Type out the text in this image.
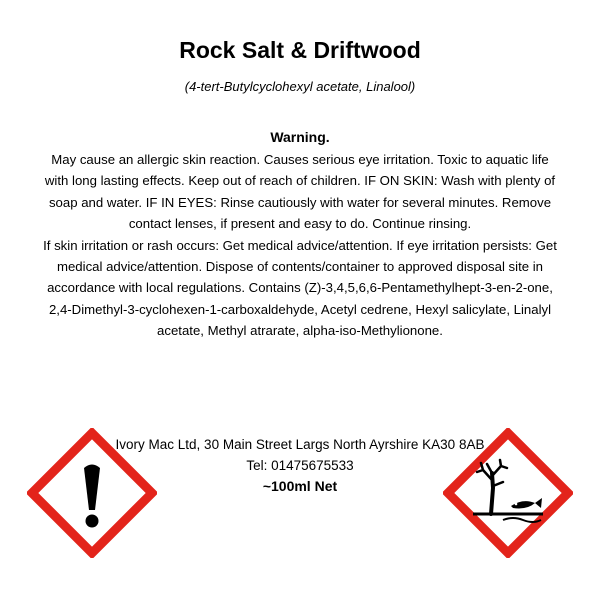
Rock Salt & Driftwood
(4-tert-Butylcyclohexyl acetate, Linalool)
Warning.

May cause an allergic skin reaction. Causes serious eye irritation. Toxic to aquatic life with long lasting effects. Keep out of reach of children. IF ON SKIN: Wash with plenty of soap and water. IF IN EYES: Rinse cautiously with water for several minutes. Remove contact lenses, if present and easy to do. Continue rinsing.

If skin irritation or rash occurs: Get medical advice/attention. If eye irritation persists: Get medical advice/attention. Dispose of contents/container to approved disposal site in accordance with local regulations. Contains (Z)-3,4,5,6,6-Pentamethylhept-3-en-2-one, 2,4-Dimethyl-3-cyclohexen-1-carboxaldehyde, Acetyl cedrene, Hexyl salicylate, Linalyl acetate, Methyl atrarate, alpha-iso-Methylionone.

Ivory Mac Ltd, 30 Main Street Largs North Ayrshire KA30 8AB
Tel: 01475675533
~100ml Net
